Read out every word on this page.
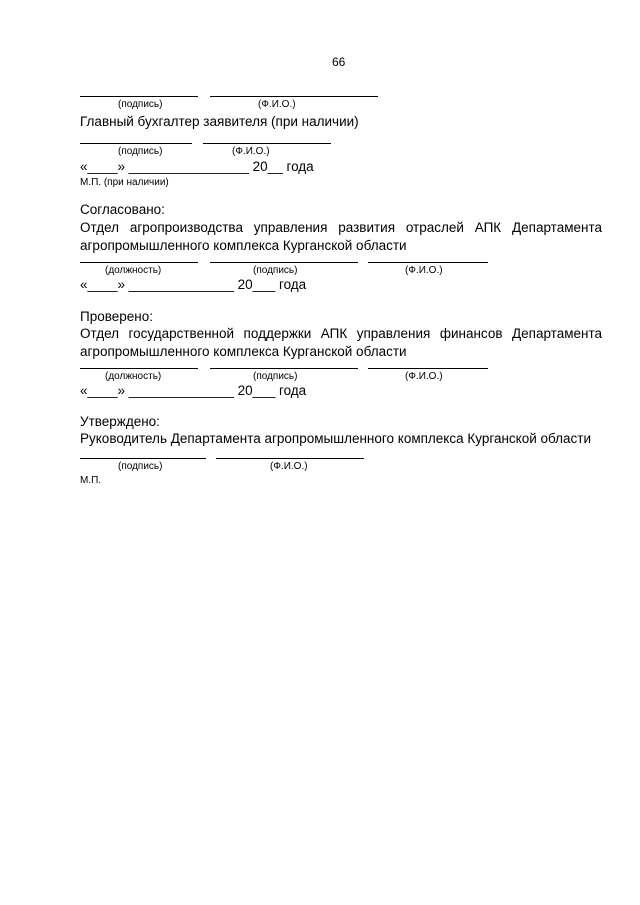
66
(подпись)	(Ф.И.О.)
Главный бухгалтер заявителя (при наличии)
(подпись)	(Ф.И.О.)
«____» ________________ 20__ года
М.П. (при наличии)
Согласовано:
Отдел агропроизводства управления развития отраслей АПК Департамента агропромышленного комплекса Курганской области
(должность)	(подпись)	(Ф.И.О.)
«____» ______________ 20___ года
Проверено:
Отдел государственной поддержки АПК управления финансов Департамента агропромышленного комплекса Курганской области
(должность)	(подпись)	(Ф.И.О.)
«____» ______________ 20___ года
Утверждено:
Руководитель Департамента агропромышленного комплекса Курганской области
(подпись)	(Ф.И.О.)
М.П.
